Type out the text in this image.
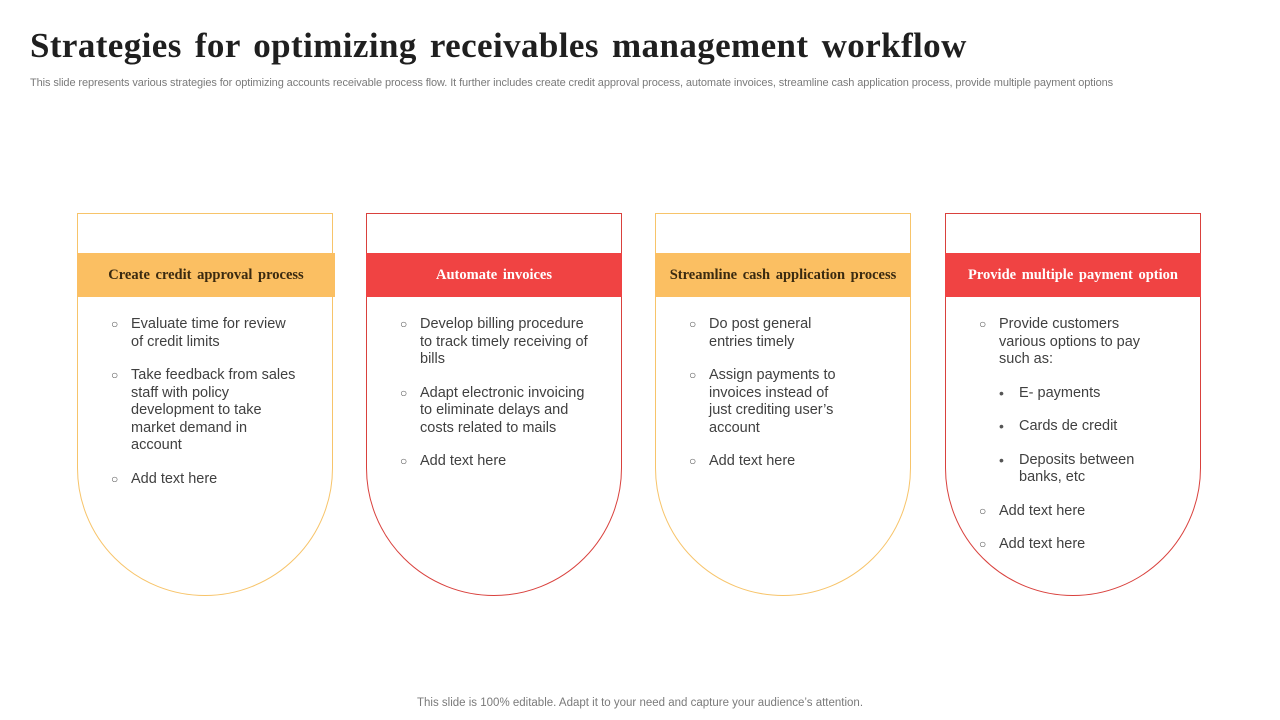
Strategies for optimizing receivables management workflow

This slide represents various strategies for optimizing accounts receivable process flow. It further includes create credit approval process, automate invoices, streamline cash application process, provide multiple payment options

Create credit approval process
○ Evaluate time for review of credit limits
○ Take feedback from sales staff with policy development to take market demand in account
○ Add text here
Automate invoices
○ Develop billing procedure to track timely receiving of bills
○ Adapt electronic invoicing to eliminate delays and costs related to mails
○ Add text here
Streamline cash application process
○ Do post general entries timely
○ Assign payments to invoices instead of just crediting user’s account
○ Add text here
Provide multiple payment option
○ Provide customers various options to pay such as:
• E- payments
• Cards de credit
• Deposits between banks, etc
○ Add text here
○ Add text here

This slide is 100% editable. Adapt it to your need and capture your audience’s attention.
